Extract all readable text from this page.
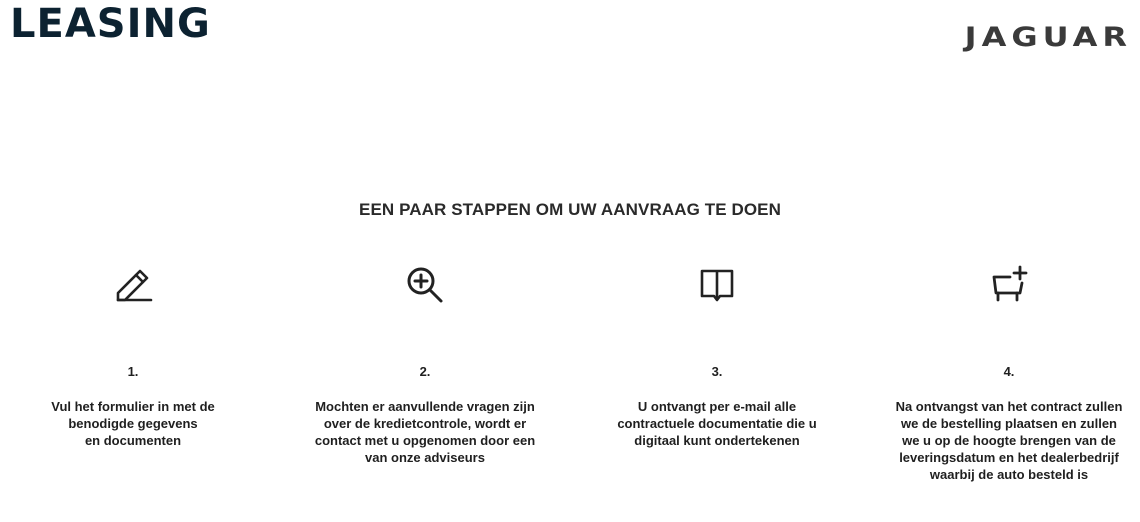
LEASING	JAGUAR
EEN PAAR STAPPEN OM UW AANVRAAG TE DOEN
1.
Vul het formulier in met de
benodigde gegevens
en documenten
2.
Mochten er aanvullende vragen zijn
over de kredietcontrole, wordt er
contact met u opgenomen door een
van onze adviseurs
3.
U ontvangt per e-mail alle
contractuele documentatie die u
digitaal kunt ondertekenen
4.
Na ontvangst van het contract zullen
we de bestelling plaatsen en zullen
we u op de hoogte brengen van de
leveringsdatum en het dealerbedrijf
waarbij de auto besteld is
